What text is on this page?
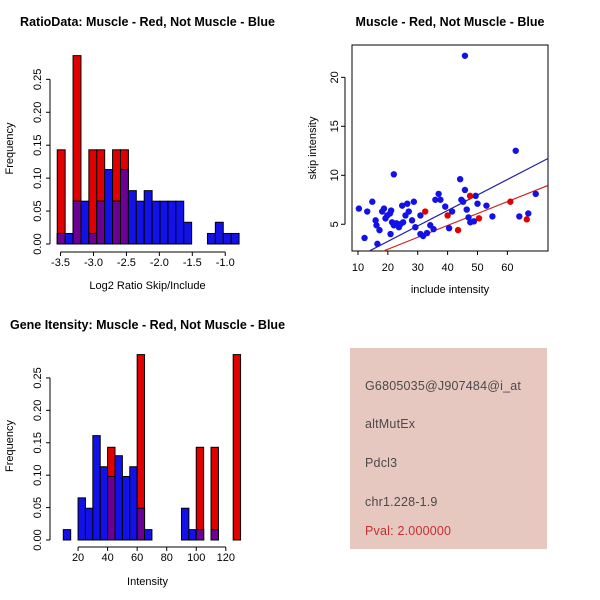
RatioData: Muscle - Red, Not Muscle - Blue
-3.5 -3.0 -2.5 -2.0 -1.5 -1.0
Log2 Ratio Skip/Include
0.00
0.05
0.10
0.15
0.20
0.25
Frequency
Muscle - Red, Not Muscle - Blue
10 20 30 40 50 60
include intensity
5
10
15
20
skip intensity
Gene Itensity: Muscle - Red, Not Muscle - Blue
20 40 60 80 100 120
Intensity
0.00
0.05
0.10
0.15
0.20
0.25
Frequency
G6805035@J907484@i_at
altMutEx
Pdcl3
chr1.228-1.9
Pval: 2.000000
